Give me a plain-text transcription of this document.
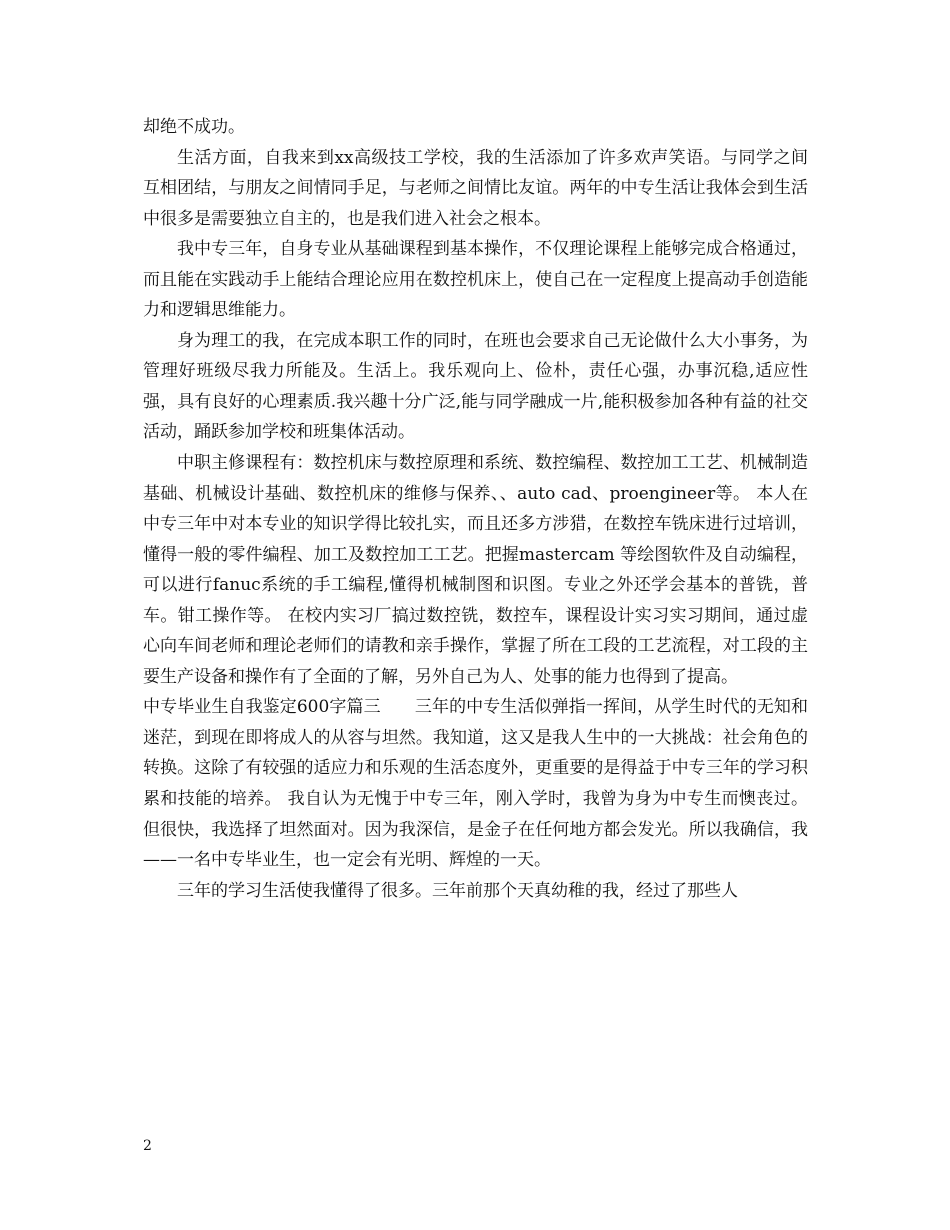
却绝不成功。

生活方面，自我来到xx高级技工学校，我的生活添加了许多欢声笑语。与同学之间互相团结，与朋友之间情同手足，与老师之间情比友谊。两年的中专生活让我体会到生活中很多是需要独立自主的，也是我们进入社会之根本。

我中专三年，自身专业从基础课程到基本操作，不仅理论课程上能够完成合格通过，而且能在实践动手上能结合理论应用在数控机床上，使自己在一定程度上提高动手创造能力和逻辑思维能力。

身为理工的我，在完成本职工作的同时，在班也会要求自己无论做什么大小事务，为管理好班级尽我力所能及。生活上。我乐观向上、俭朴，责任心强，办事沉稳,适应性强，具有良好的心理素质.我兴趣十分广泛,能与同学融成一片,能积极参加各种有益的社交活动，踊跃参加学校和班集体活动。

中职主修课程有：数控机床与数控原理和系统、数控编程、数控加工工艺、机械制造基础、机械设计基础、数控机床的维修与保养、、auto cad、proengineer等。 本人在中专三年中对本专业的知识学得比较扎实，而且还多方涉猎，在数控车铣床进行过培训，懂得一般的零件编程、加工及数控加工工艺。把握mastercam 等绘图软件及自动编程，可以进行fanuc系统的手工编程,懂得机械制图和识图。专业之外还学会基本的普铣，普车。钳工操作等。 在校内实习厂搞过数控铣，数控车，课程设计实习实习期间，通过虚心向车间老师和理论老师们的请教和亲手操作，掌握了所在工段的工艺流程，对工段的主要生产设备和操作有了全面的了解，另外自己为人、处事的能力也得到了提高。

中专毕业生自我鉴定600字篇三　　三年的中专生活似弹指一挥间，从学生时代的无知和迷茫，到现在即将成人的从容与坦然。我知道，这又是我人生中的一大挑战：社会角色的转换。这除了有较强的适应力和乐观的生活态度外，更重要的是得益于中专三年的学习积累和技能的培养。 我自认为无愧于中专三年，刚入学时，我曾为身为中专生而懊丧过。但很快，我选择了坦然面对。因为我深信，是金子在任何地方都会发光。所以我确信，我——一名中专毕业生，也一定会有光明、辉煌的一天。

三年的学习生活使我懂得了很多。三年前那个天真幼稚的我，经过了那些人

2
